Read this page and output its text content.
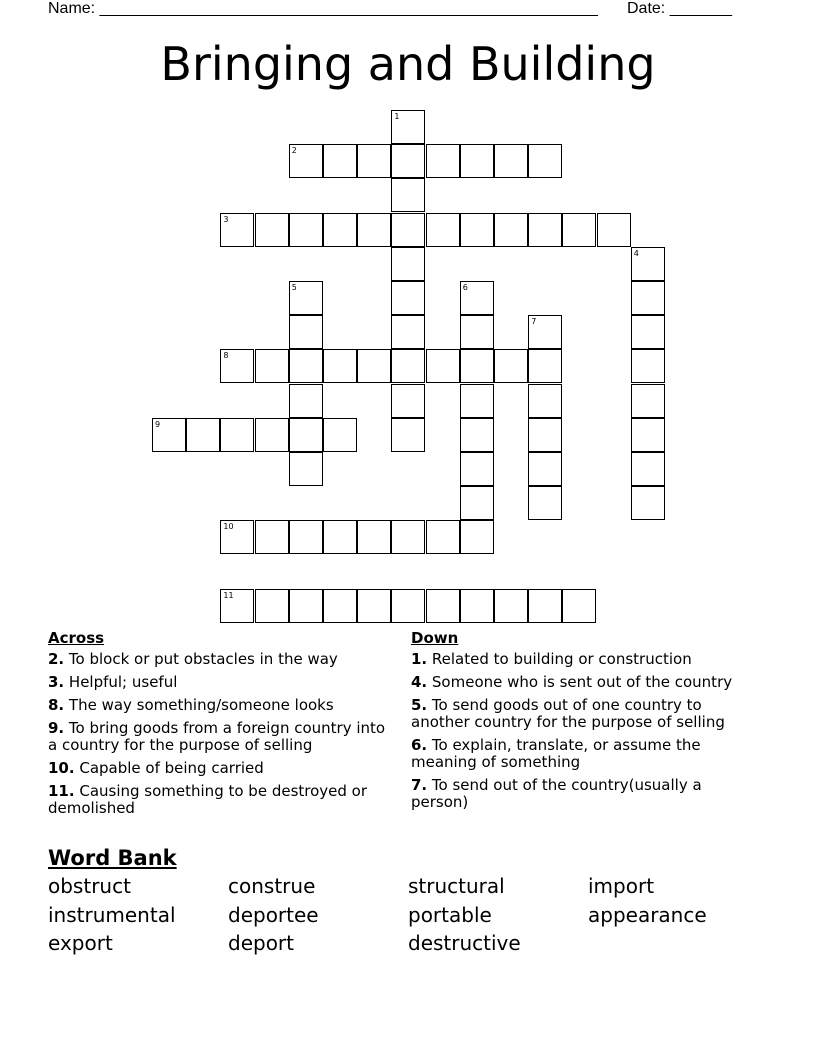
Name: ________________________________________________________ Date: _______
Bringing and Building
2
3
8
9
10
11
1
4
5	6
7
Across
2. To block or put obstacles in the way
3. Helpful; useful
8. The way something/someone looks
9. To bring goods from a foreign country into a country for the purpose of selling
10. Capable of being carried
11. Causing something to be destroyed or demolished
Down
1. Related to building or construction
4. Someone who is sent out of the country
5. To send goods out of one country to another country for the purpose of selling
6. To explain, translate, or assume the meaning of something
7. To send out of the country(usually a person)
Word Bank
obstruct	construe	structural	import
instrumental	deportee	portable	appearance
export	deport	destructive
